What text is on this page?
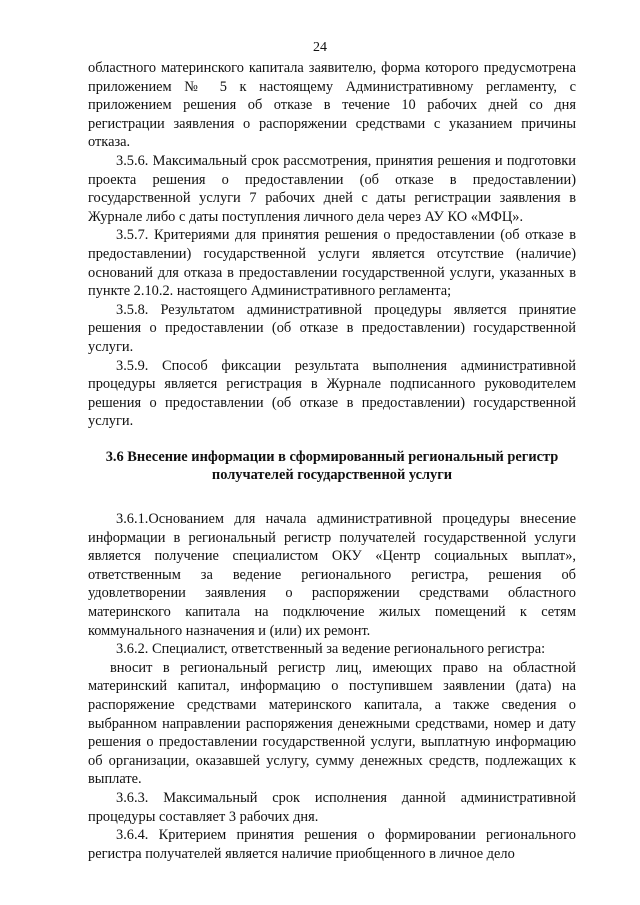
24

областного материнского капитала заявителю, форма которого предусмотрена приложением № 5 к настоящему Административному регламенту, с приложением решения об отказе в течение 10 рабочих дней со дня регистрации заявления о распоряжении средствами с указанием причины отказа.

3.5.6. Максимальный срок рассмотрения, принятия решения и подготовки проекта решения о предоставлении (об отказе в предоставлении) государственной услуги 7 рабочих дней с даты регистрации заявления в Журнале либо с даты поступления личного дела через АУ КО «МФЦ».

3.5.7. Критериями для принятия решения о предоставлении (об отказе в предоставлении) государственной услуги является отсутствие (наличие) оснований для отказа в предоставлении государственной услуги, указанных в пункте 2.10.2. настоящего Административного регламента;

3.5.8. Результатом административной процедуры является принятие решения о предоставлении (об отказе в предоставлении) государственной услуги.

3.5.9. Способ фиксации результата выполнения административной процедуры является регистрация в Журнале подписанного руководителем решения о предоставлении (об отказе в предоставлении) государственной услуги.

3.6 Внесение информации в сформированный региональный регистр
получателей государственной услуги

3.6.1.Основанием для начала административной процедуры внесение информации в региональный регистр получателей государственной услуги является получение специалистом ОКУ «Центр социальных выплат», ответственным за ведение регионального регистра, решения об удовлетворении заявления о распоряжении средствами областного материнского капитала на подключение жилых помещений к сетям коммунального назначения и (или) их ремонт.

3.6.2. Специалист, ответственный за ведение регионального регистра:

вносит в региональный регистр лиц, имеющих право на областной материнский капитал, информацию о поступившем заявлении (дата) на распоряжение средствами материнского капитала, а также сведения о выбранном направлении распоряжения денежными средствами, номер и дату решения о предоставлении государственной услуги, выплатную информацию об организации, оказавшей услугу, сумму денежных средств, подлежащих к выплате.

3.6.3. Максимальный срок исполнения данной административной процедуры составляет 3 рабочих дня.

3.6.4. Критерием принятия решения о формировании регионального регистра получателей является наличие приобщенного в личное дело
